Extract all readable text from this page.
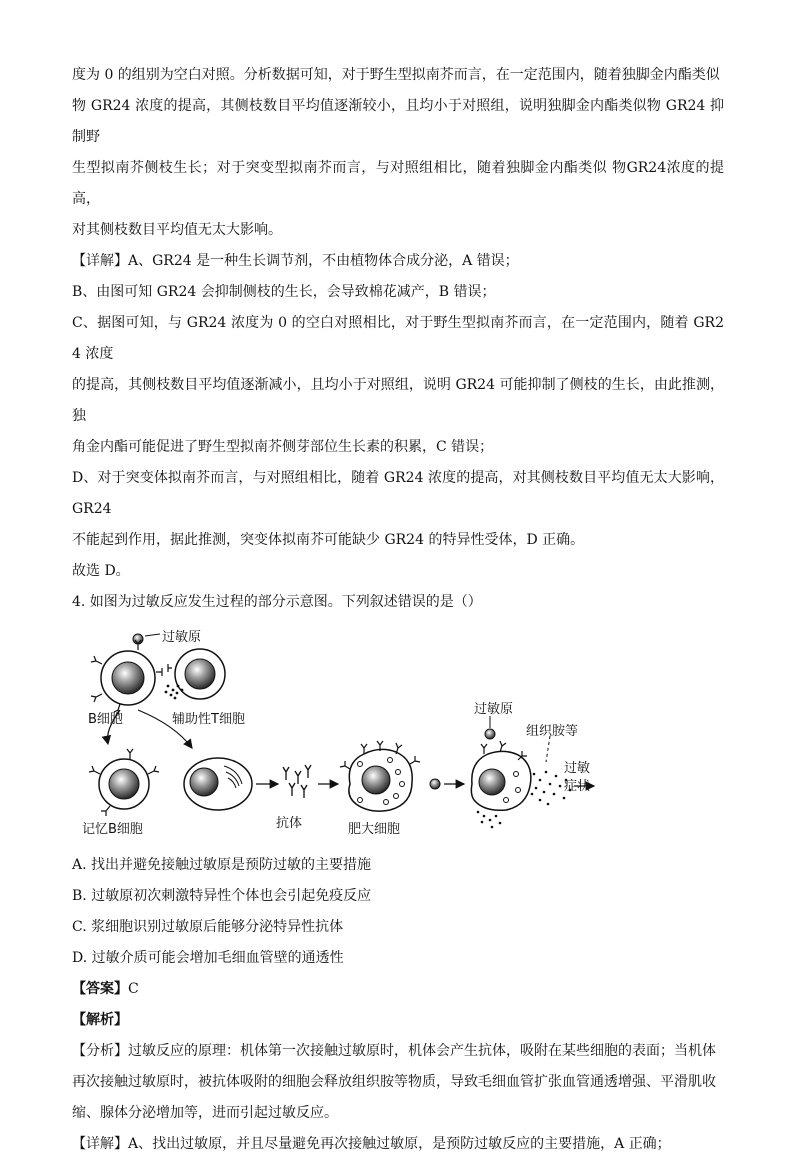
度为 0 的组别为空白对照。分析数据可知，对于野生型拟南芥而言，在一定范围内，随着独脚金内酯类似

物 GR24 浓度的提高，其侧枝数目平均值逐渐较小，且均小于对照组，说明独脚金内酯类似物 GR24 抑制野

生型拟南芥侧枝生长；对于突变型拟南芥而言，与对照组相比，随着独脚金内酯类似 物GR24浓度的提高，

对其侧枝数目平均值无太大影响。

【详解】A、GR24 是一种生长调节剂，不由植物体合成分泌，A 错误；

B、由图可知 GR24 会抑制侧枝的生长，会导致棉花减产，B 错误；

C、据图可知，与 GR24 浓度为 0 的空白对照相比，对于野生型拟南芥而言，在一定范围内，随着 GR24 浓度

的提高，其侧枝数目平均值逐渐减小，且均小于对照组，说明 GR24 可能抑制了侧枝的生长，由此推测，独

角金内酯可能促进了野生型拟南芥侧芽部位生长素的积累，C 错误；

D、对于突变体拟南芥而言，与对照组相比，随着 GR24 浓度的提高，对其侧枝数目平均值无太大影响，GR24

不能起到作用，据此推测，突变体拟南芥可能缺少 GR24 的特异性受体，D 正确。

故选 D。

4. 如图为过敏反应发生过程的部分示意图。下列叙述错误的是（）

过敏原
B细胞	辅助性T细胞
记忆B细胞	抗体	肥大细胞
过敏原
组织胺等
过敏
症状

A. 找出并避免接触过敏原是预防过敏的主要措施

B. 过敏原初次刺激特异性个体也会引起免疫反应

C. 浆细胞识别过敏原后能够分泌特异性抗体

D. 过敏介质可能会增加毛细血管壁的通透性

【答案】C

【解析】

【分析】过敏反应的原理：机体第一次接触过敏原时，机体会产生抗体，吸附在某些细胞的表面；当机体

再次接触过敏原时，被抗体吸附的细胞会释放组织胺等物质，导致毛细血管扩张血管通透增强、平滑肌收

缩、腺体分泌增加等，进而引起过敏反应。

【详解】A、找出过敏原，并且尽量避免再次接触过敏原，是预防过敏反应的主要措施，A 正确；
